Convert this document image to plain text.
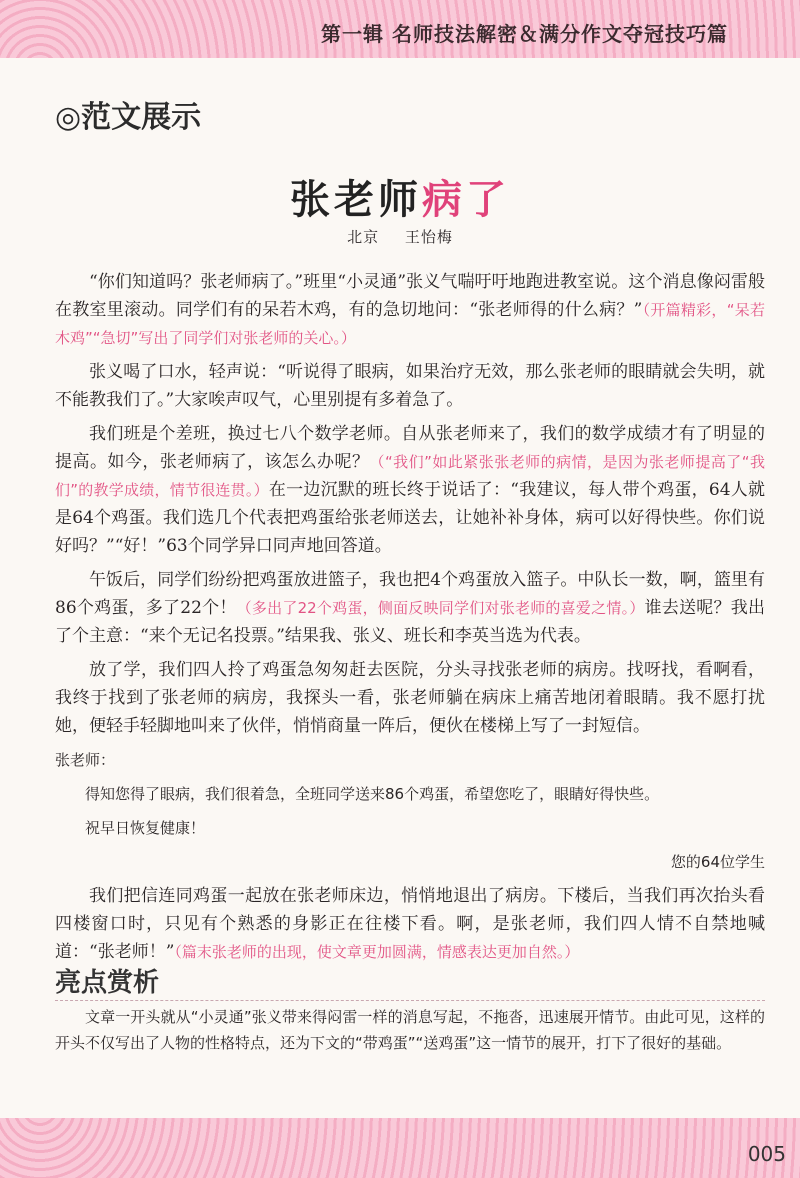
第一辑 名师技法解密＆满分作文夺冠技巧篇
◎范文展示
张老师病了
北京 王怡梅

“你们知道吗？张老师病了。”班里“小灵通”张义气喘吁吁地跑进教室说。这个消息像闷雷般在教室里滚动。同学们有的呆若木鸡，有的急切地问：“张老师得的什么病？”（开篇精彩，“呆若木鸡”“急切”写出了同学们对张老师的关心。）

张义喝了口水，轻声说：“听说得了眼病，如果治疗无效，那么张老师的眼睛就会失明，就不能教我们了。”大家唉声叹气，心里别提有多着急了。

我们班是个差班，换过七八个数学老师。自从张老师来了，我们的数学成绩才有了明显的提高。如今，张老师病了，该怎么办呢？（“我们”如此紧张张老师的病情，是因为张老师提高了“我们”的教学成绩，情节很连贯。）在一边沉默的班长终于说话了：“我建议，每人带个鸡蛋，64人就是64个鸡蛋。我们选几个代表把鸡蛋给张老师送去，让她补补身体，病可以好得快些。你们说好吗？”“好！”63个同学异口同声地回答道。

午饭后，同学们纷纷把鸡蛋放进篮子，我也把4个鸡蛋放入篮子。中队长一数，啊，篮里有86个鸡蛋，多了22个！（多出了22个鸡蛋，侧面反映同学们对张老师的喜爱之情。）谁去送呢？我出了个主意：“来个无记名投票。”结果我、张义、班长和李英当选为代表。

放了学，我们四人拎了鸡蛋急匆匆赶去医院，分头寻找张老师的病房。找呀找，看啊看，我终于找到了张老师的病房，我探头一看，张老师躺在病床上痛苦地闭着眼睛。我不愿打扰她，便轻手轻脚地叫来了伙伴，悄悄商量一阵后，便伙在楼梯上写了一封短信。

张老师：

得知您得了眼病，我们很着急，全班同学送来86个鸡蛋，希望您吃了，眼睛好得快些。

祝早日恢复健康！

您的64位学生

我们把信连同鸡蛋一起放在张老师床边，悄悄地退出了病房。下楼后，当我们再次抬头看四楼窗口时，只见有个熟悉的身影正在往楼下看。啊，是张老师，我们四人情不自禁地喊道：“张老师！”（篇末张老师的出现，使文章更加圆满，情感表达更加自然。）

亮点赏析
文章一开头就从“小灵通”张义带来得闷雷一样的消息写起，不拖沓，迅速展开情节。由此可见，这样的开头不仅写出了人物的性格特点，还为下文的“带鸡蛋”“送鸡蛋”这一情节的展开，打下了很好的基础。
005
